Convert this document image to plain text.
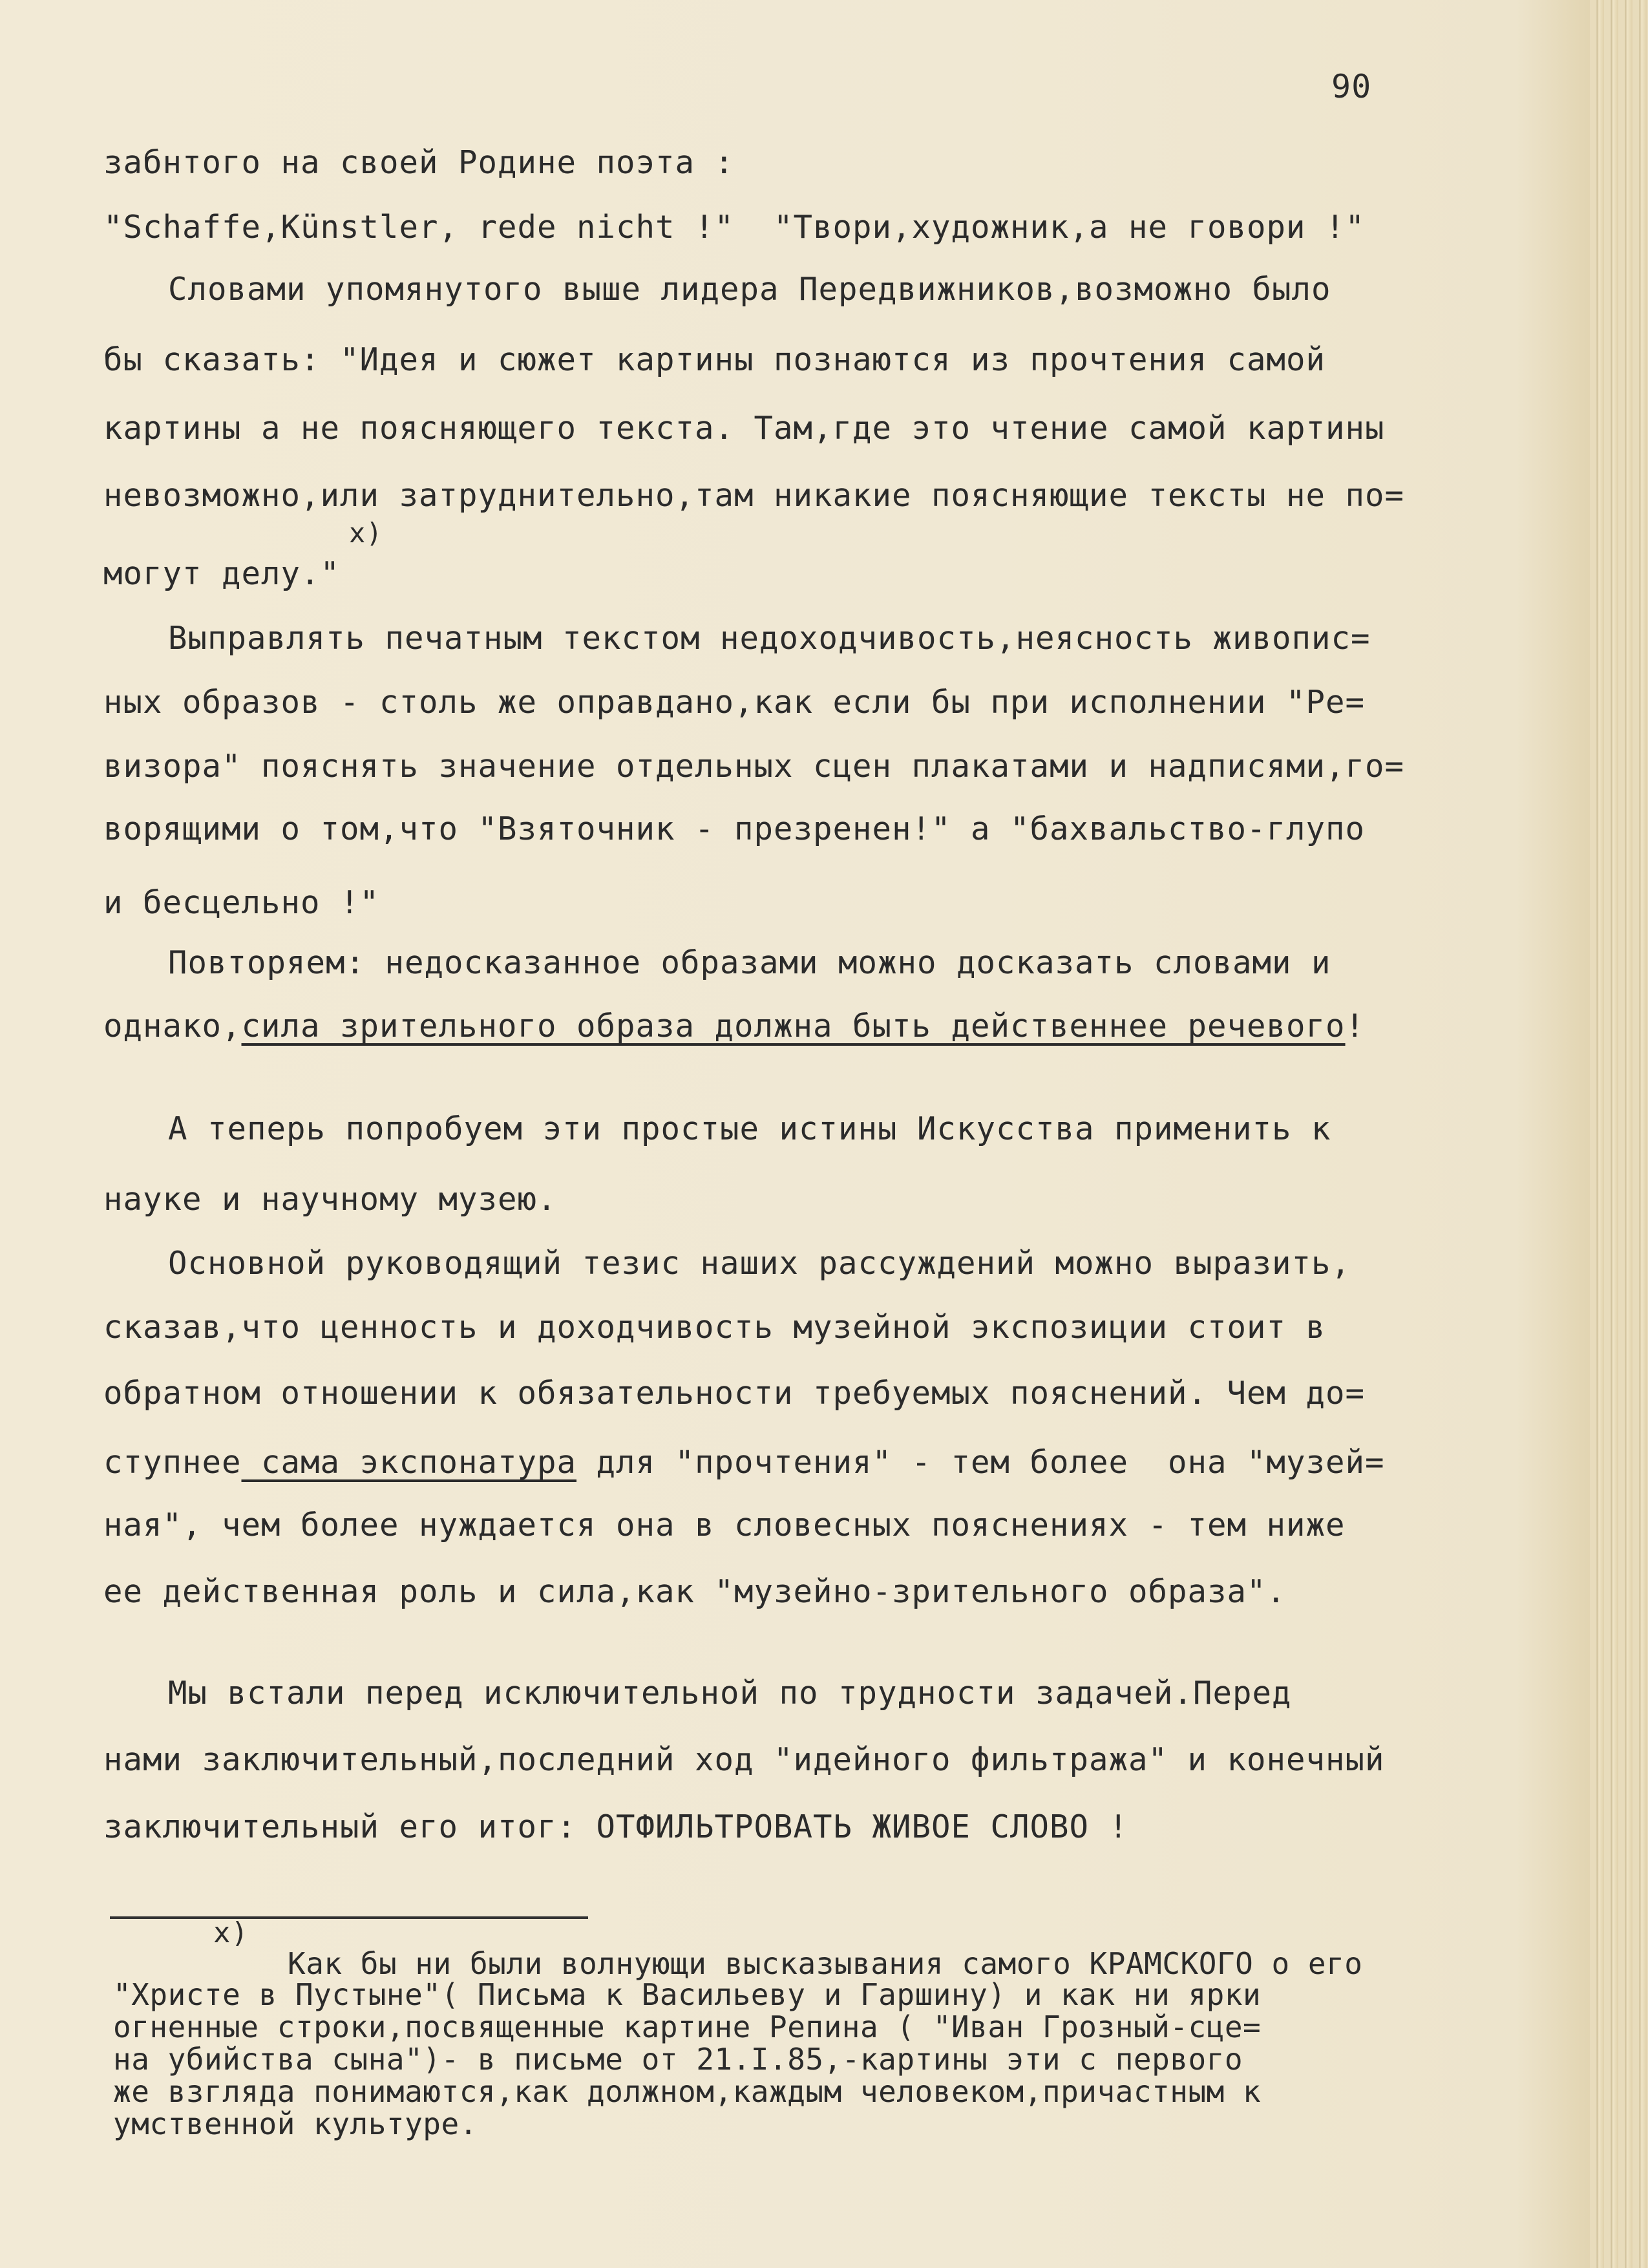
90
забнтого на своей Родине поэта :
"Schaffe,Künstler, rede nicht !"  "Твори,художник,а не говори !"
Словами упомянутого выше лидера Передвижников,возможно было
бы сказать: "Идея и сюжет картины познаются из прочтения самой
картины а не поясняющего текста. Там,где это чтение самой картины
невозможно,или затруднительно,там никакие поясняющие тексты не по=
x)
могут делу."
Выправлять печатным текстом недоходчивость,неясность живопис=
ных образов - столь же оправдано,как если бы при исполнении "Ре=
визора" пояснять значение отдельных сцен плакатами и надписями,го=
ворящими о том,что "Взяточник - презренен!" а "бахвальство-глупо
и бесцельно !"
Повторяем: недосказанное образами можно досказать словами и
однако,сила зрительного образа должна быть действеннее речевого!
А теперь попробуем эти простые истины Искусства применить к
науке и научному музею.
Основной руководящий тезис наших рассуждений можно выразить,
сказав,что ценность и доходчивость музейной экспозиции стоит в
обратном отношении к обязательности требуемых пояснений. Чем до=
ступнее сама экспонатура для "прочтения" - тем более  она "музей=
ная", чем более нуждается она в словесных пояснениях - тем ниже
ее действенная роль и сила,как "музейно-зрительного образа".
Мы встали перед исключительной по трудности задачей.Перед
нами заключительный,последний ход "идейного фильтража" и конечный
заключительный его итог: ОТФИЛЬТРОВАТЬ ЖИВОЕ СЛОВО !
x)
Как бы ни были волнующи высказывания самого КРАМСКОГО о его
"Христе в Пустыне"( Письма к Васильеву и Гаршину) и как ни ярки
огненные строки,посвященные картине Репина ( "Иван Грозный-сце=
на убийства сына")- в письме от 21.I.85,-картины эти с первого
же взгляда понимаются,как должном,каждым человеком,причастным к
умственной культуре.
